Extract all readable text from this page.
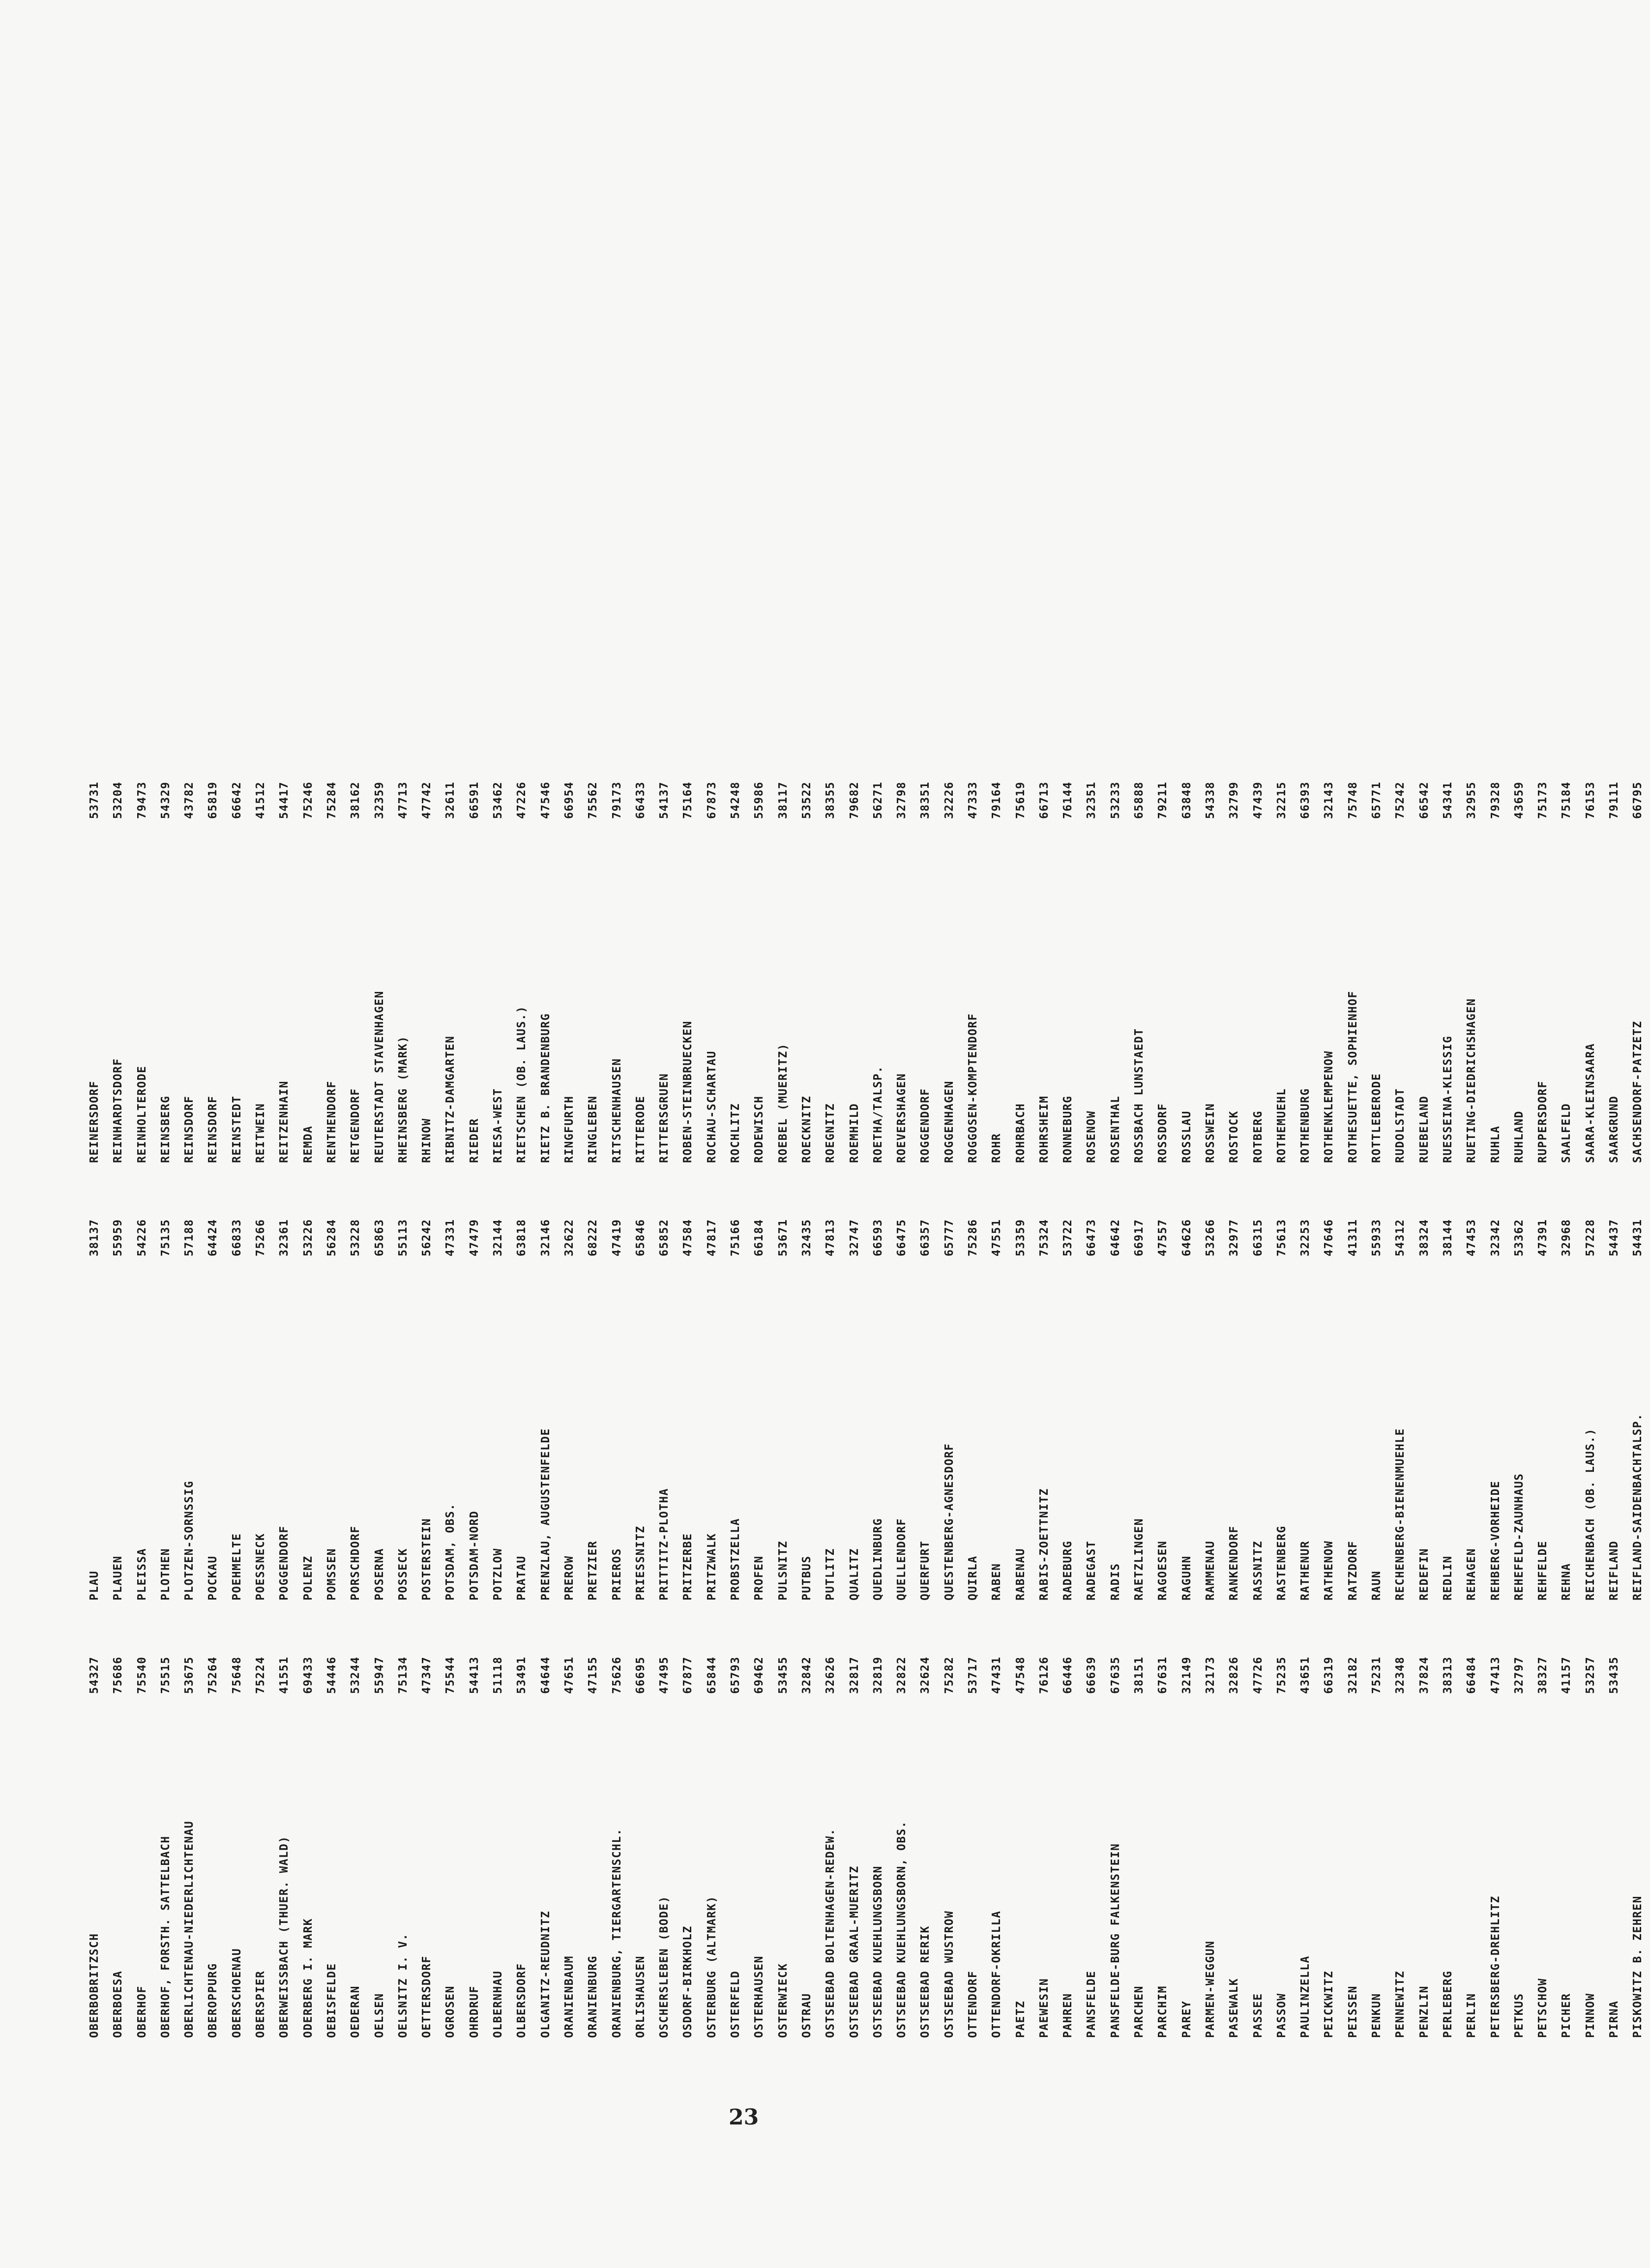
OBERBOBRITZSCH
54327
OBERBOESA
75686
OBERHOF
75540
OBERHOF, FORSTH. SATTELBACH
75515
OBERLICHTENAU-NIEDERLICHTENAU
53675
OBEROPPURG
75264
OBERSCHOENAU
75648
OBERSPIER
75224
OBERWEISSBACH (THUER. WALD)
41551
ODERBERG I. MARK
69433
OEBISFELDE
54446
OEDERAN
53244
OELSEN
55947
OELSNITZ I. V.
75134
OETTERSDORF
47347
OGROSEN
75544
OHRDRUF
54413
OLBERNHAU
51118
OLBERSDORF
53491
OLGANITZ-REUDNITZ
64644
ORANIENBAUM
47651
ORANIENBURG
47155
ORANIENBURG, TIERGARTENSCHL.
75626
ORLISHAUSEN
66695
OSCHERSLEBEN (BODE)
47495
OSDORF-BIRKHOLZ
67877
OSTERBURG (ALTMARK)
65844
OSTERFELD
65793
OSTERHAUSEN
69462
OSTERWIECK
53455
OSTRAU
32842
OSTSEEBAD BOLTENHAGEN-REDEW.
32626
OSTSEEBAD GRAAL-MUERITZ
32817
OSTSEEBAD KUEHLUNGSBORN
32819
OSTSEEBAD KUEHLUNGSBORN, OBS.
32822
OSTSEEBAD RERIK
32624
OSTSEEBAD WUSTROW
75282
OTTENDORF
53717
OTTENDORF-OKRILLA
47431
PAETZ
47548
PAEWESIN
76126
PAHREN
66446
PANSFELDE
66639
PANSFELDE-BURG FALKENSTEIN
67635
PARCHEN
38151
PARCHIM
67631
PAREY
32149
PARMEN-WEGGUN
32173
PASEWALK
32826
PASSEE
47726
PASSOW
75235
PAULINZELLA
43651
PEICKWITZ
66319
PEISSEN
32182
PENKUN
75231
PENNEWITZ
32348
PENZLIN
37824
PERLEBERG
38313
PERLIN
66484
PETERSBERG-DREHLITZ
47413
PETKUS
32797
PETSCHOW
38327
PICHER
41157
PINNOW
53257
PIRNA
53435
PISKOWITZ B. ZEHREN
PLAU
38137
PLAUEN
55959
PLEISSA
54226
PLOTHEN
75135
PLOTZEN-SORNSSIG
57188
POCKAU
64424
POEHMELTE
66833
POESSNECK
75266
POGGENDORF
32361
POLENZ
53226
POMSSEN
56284
PORSCHDORF
53228
POSERNA
65863
POSSECK
55113
POSTERSTEIN
56242
POTSDAM, OBS.
47331
POTSDAM-NORD
47479
POTZLOW
32144
PRATAU
63818
PRENZLAU, AUGUSTENFELDE
32146
PREROW
32622
PRETZIER
68222
PRIEROS
47419
PRIESSNITZ
65846
PRITTITZ-PLOTHA
65852
PRITZERBE
47584
PRITZWALK
47817
PROBSTZELLA
75166
PROFEN
66184
PULSNITZ
53671
PUTBUS
32435
PUTLITZ
47813
QUALITZ
32747
QUEDLINBURG
66593
QUELLENDORF
66475
QUERFURT
66357
QUESTENBERG-AGNESDORF
65777
QUIRLA
75286
RABEN
47551
RABENAU
53359
RABIS-ZOETTNITZ
75324
RADEBURG
53722
RADEGAST
66473
RADIS
64642
RAETZLINGEN
66917
RAGOESEN
47557
RAGUHN
64626
RAMMENAU
53266
RANKENDORF
32977
RASSNITZ
66315
RASTENBERG
75613
RATHENUR
32253
RATHENOW
47646
RATZDORF
41311
RAUN
55933
RECHENBERG-BIENENMUEHLE
54312
REDEFIN
38324
REDLIN
38144
REHAGEN
47453
REHBERG-VORHEIDE
32342
REHEFELD-ZAUNHAUS
53362
REHFELDE
47391
REHNA
32968
REICHENBACH (OB. LAUS.)
57228
REIFLAND
54437
REIFLAND-SAIDENBACHTALSP.
54431
REINERSDORF
53731
REINHARDTSDORF
53204
REINHOLTERODE
79473
REINSBERG
54329
REINSDORF
43782
REINSDORF
65819
REINSTEDT
66642
REITWEIN
41512
REITZENHAIN
54417
REMDA
75246
RENTHENDORF
75284
RETGENDORF
38162
REUTERSTADT STAVENHAGEN
32359
RHEINSBERG (MARK)
47713
RHINOW
47742
RIBNITZ-DAMGARTEN
32611
RIEDER
66591
RIESA-WEST
53462
RIETSCHEN (OB. LAUS.)
47226
RIETZ B. BRANDENBURG
47546
RINGFURTH
66954
RINGLEBEN
75562
RITSCHENHAUSEN
79173
RITTERODE
66433
RITTERSGRUEN
54137
ROBEN-STEINBRUECKEN
75164
ROCHAU-SCHARTAU
67873
ROCHLITZ
54248
RODEWISCH
55986
ROEBEL (MUERITZ)
38117
ROECKNITZ
53522
ROEGNITZ
38355
ROEMHILD
79682
ROETHA/TALSP.
56271
ROEVERSHAGEN
32798
ROGGENDORF
38351
ROGGENHAGEN
32226
ROGGOSEN-KOMPTENDORF
47333
ROHR
79164
ROHRBACH
75619
ROHRSHEIM
66713
RONNEBURG
76144
ROSENOW
32351
ROSENTHAL
53233
ROSSBACH LUNSTAEDT
65888
ROSSDORF
79211
ROSSLAU
63848
ROSSWEIN
54338
ROSTOCK
32799
ROTBERG
47439
ROTHEMUEHL
32215
ROTHENBURG
66393
ROTHENKLEMPENOW
32143
ROTHESUETTE, SOPHIENHOF
75748
ROTTLEBERODE
65771
RUDOLSTADT
75242
RUEBELAND
66542
RUESSEINA-KLESSIG
54341
RUETING-DIEDRICHSHAGEN
32955
RUHLA
79328
RUHLAND
43659
RUPPERSDORF
75173
SAALFELD
75184
SAARA-KLEINSAARA
76153
SAARGRUND
79111
SACHSENDORF-PATZETZ
66795
23
